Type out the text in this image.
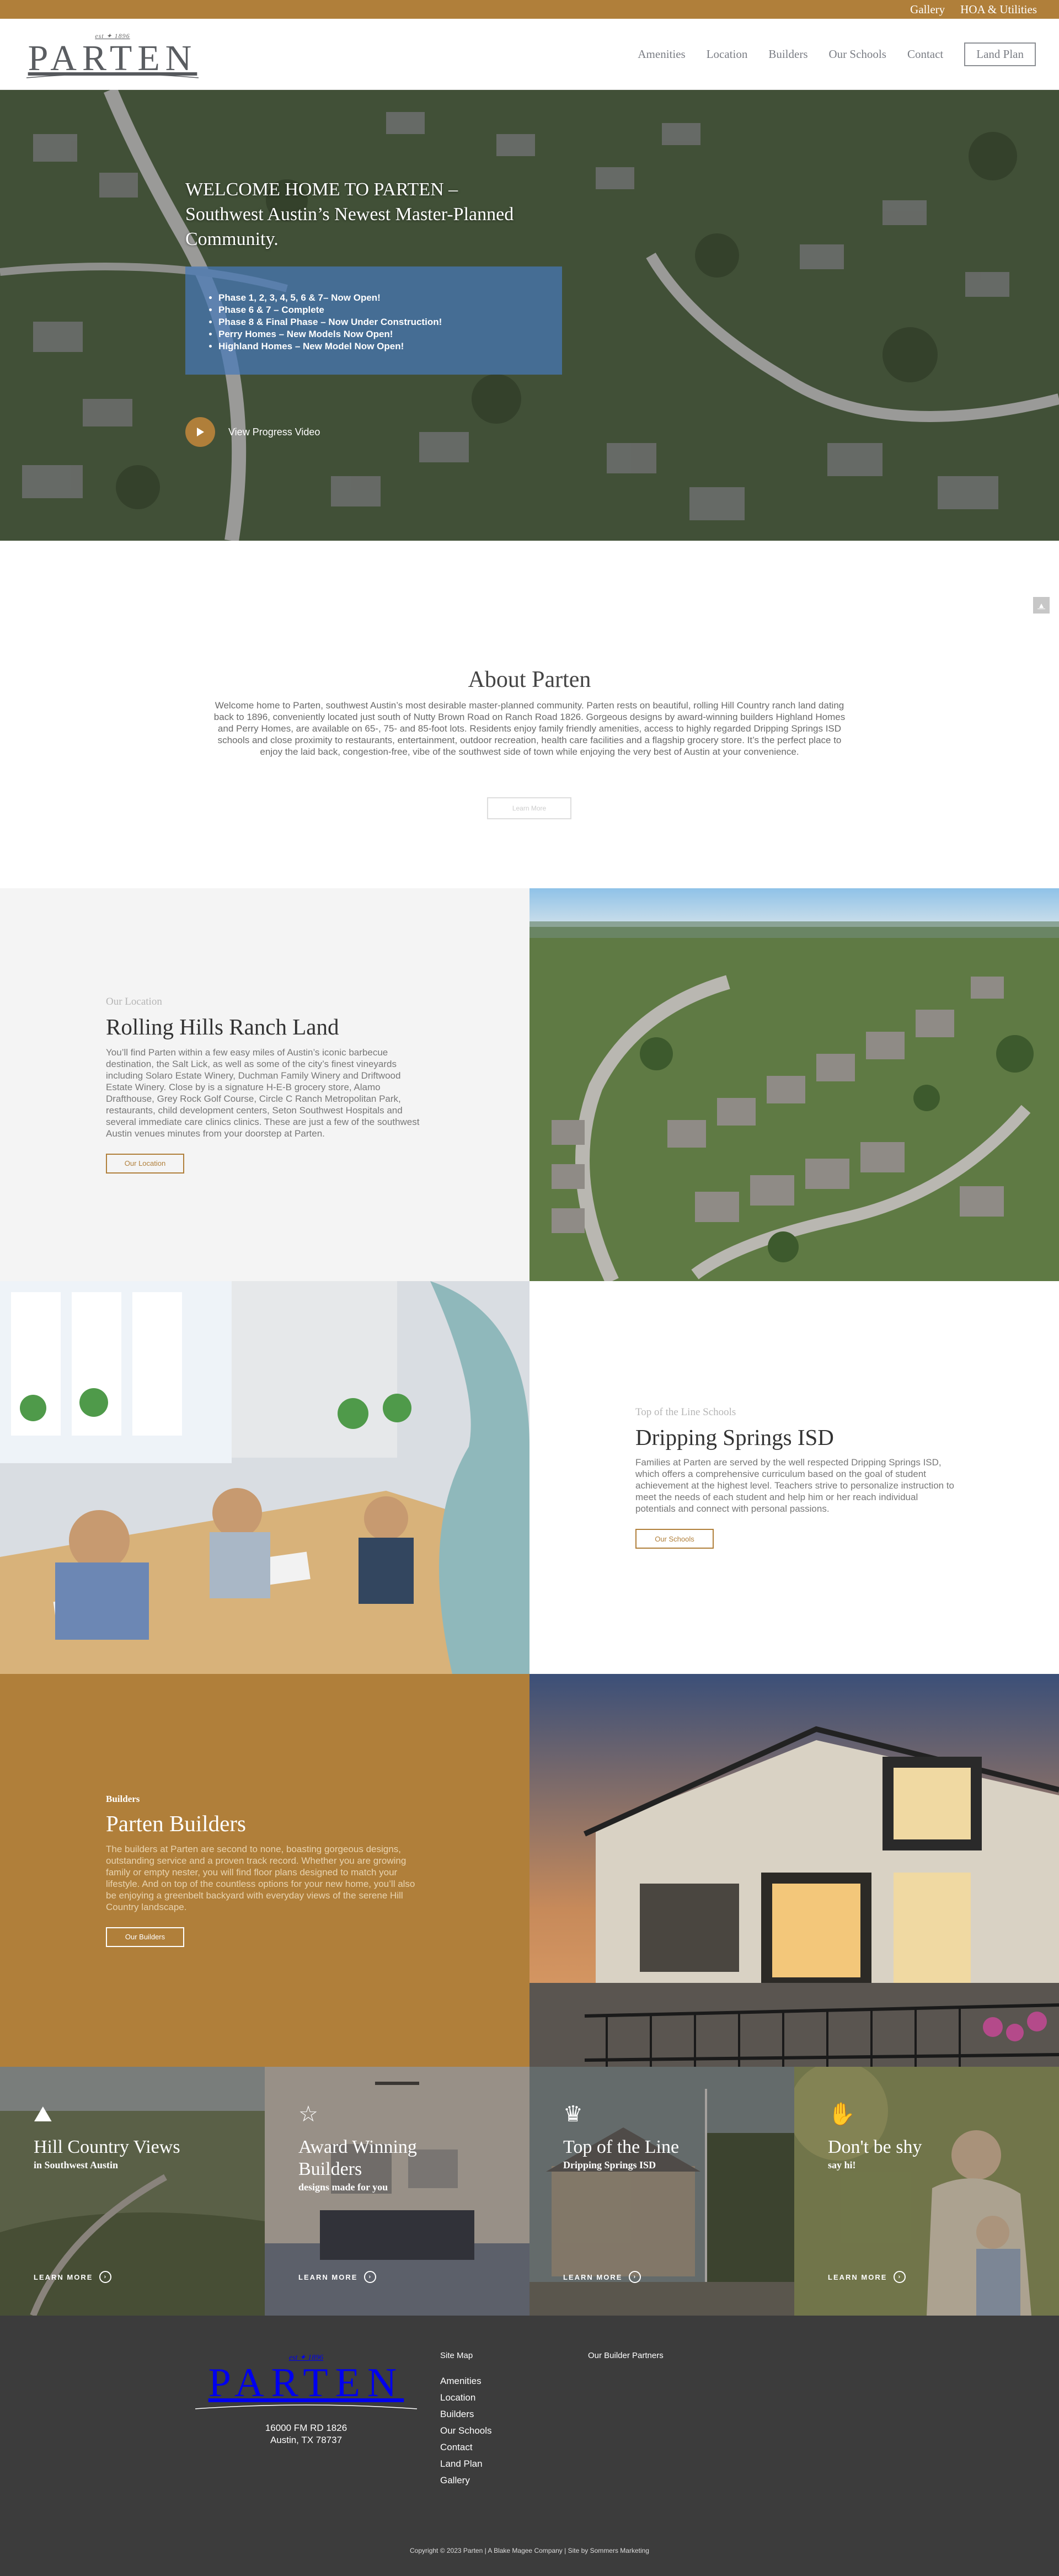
Gallery HOA & Utilities
est ✦ 1896
PARTEN	Amenities Location Builders Our Schools Contact	Land Plan
WELCOME HOME TO PARTEN –
Southwest Austin’s Newest Master-Planned Community.
• Phase 1, 2, 3, 4, 5, 6 & 7– Now Open!
• Phase 6 & 7 – Complete
• Phase 8 & Final Phase – Now Under Construction!
• Perry Homes – New Models Now Open!
• Highland Homes – New Model Now Open!
View Progress Video
▲
About Parten

Welcome home to Parten, southwest Austin’s most desirable master-planned community. Parten rests on beautiful, rolling Hill Country ranch land dating back to 1896, conveniently located just south of Nutty Brown Road on Ranch Road 1826. Gorgeous designs by award-winning builders Highland Homes and Perry Homes, are available on 65-, 75- and 85-foot lots. Residents enjoy family friendly amenities, access to highly regarded Dripping Springs ISD schools and close proximity to restaurants, entertainment, outdoor recreation, health care facilities and a flagship grocery store. It’s the perfect place to enjoy the laid back, congestion-free, vibe of the southwest side of town while enjoying the very best of Austin at your convenience.

Learn More
Our Location
Rolling Hills Ranch Land

You’ll find Parten within a few easy miles of Austin’s iconic barbecue destination, the Salt Lick, as well as some of the city’s finest vineyards including Solaro Estate Winery, Duchman Family Winery and Driftwood Estate Winery. Close by is a signature H-E-B grocery store, Alamo Drafthouse, Grey Rock Golf Course, Circle C Ranch Metropolitan Park, restaurants, child development centers, Seton Southwest Hospitals and several immediate care clinics clinics. These are just a few of the southwest Austin venues minutes from your doorstep at Parten.

Our Location
Top of the Line Schools
Dripping Springs ISD

Families at Parten are served by the well respected Dripping Springs ISD, which offers a comprehensive curriculum based on the goal of student achievement at the highest level. Teachers strive to personalize instruction to meet the needs of each student and help him or her reach individual potentials and connect with personal passions.

Our Schools
Builders
Parten Builders

The builders at Parten are second to none, boasting gorgeous designs, outstanding service and a proven track record. Whether you are growing family or empty nester, you will find floor plans designed to match your lifestyle. And on top of the countless options for your new home, you’ll also be enjoying a greenbelt backyard with everyday views of the serene Hill Country landscape.

Our Builders
⛰
Hill Country Views
in Southwest Austin
LEARN MORE	›
☆
Award Winning Builders
designs made for you
LEARN MORE	›
♛
Top of the Line
Dripping Springs ISD
LEARN MORE	›
✋
Don't be shy
say hi!
LEARN MORE	›
est ✦ 1896
PARTEN
16000 FM RD 1826
Austin, TX 78737
Site Map
Amenities
Location
Builders
Our Schools
Contact
Land Plan
Gallery
Our Builder Partners
Copyright © 2023 Parten | A Blake Magee Company | Site by Sommers Marketing
